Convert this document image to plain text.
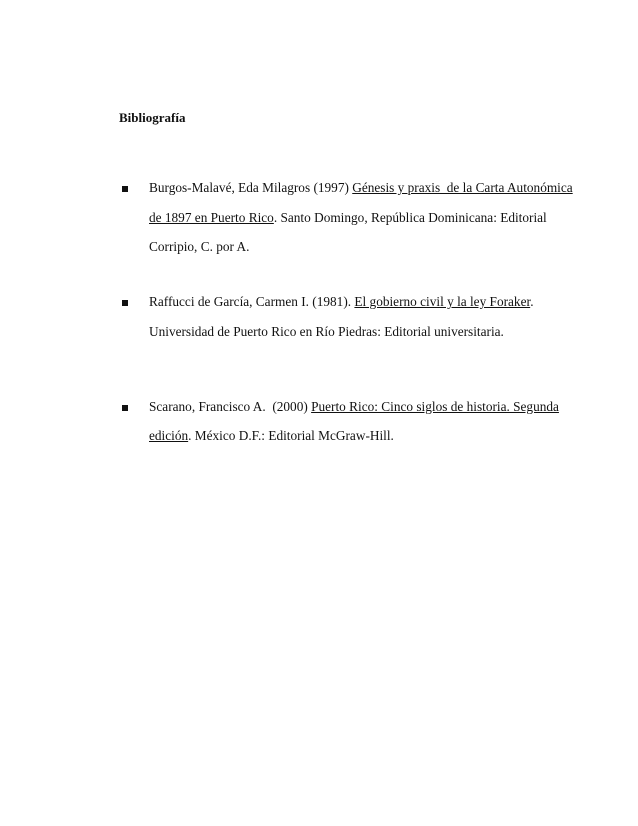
Bibliografía
Burgos-Malavé, Eda Milagros (1997) Génesis y praxis  de la Carta Autonómica
de 1897 en Puerto Rico. Santo Domingo, República Dominicana: Editorial
Corripio, C. por A.
Raffucci de García, Carmen I. (1981). El gobierno civil y la ley Foraker.
Universidad de Puerto Rico en Río Piedras: Editorial universitaria.
Scarano, Francisco A.  (2000) Puerto Rico: Cinco siglos de historia. Segunda
edición. México D.F.: Editorial McGraw-Hill.
